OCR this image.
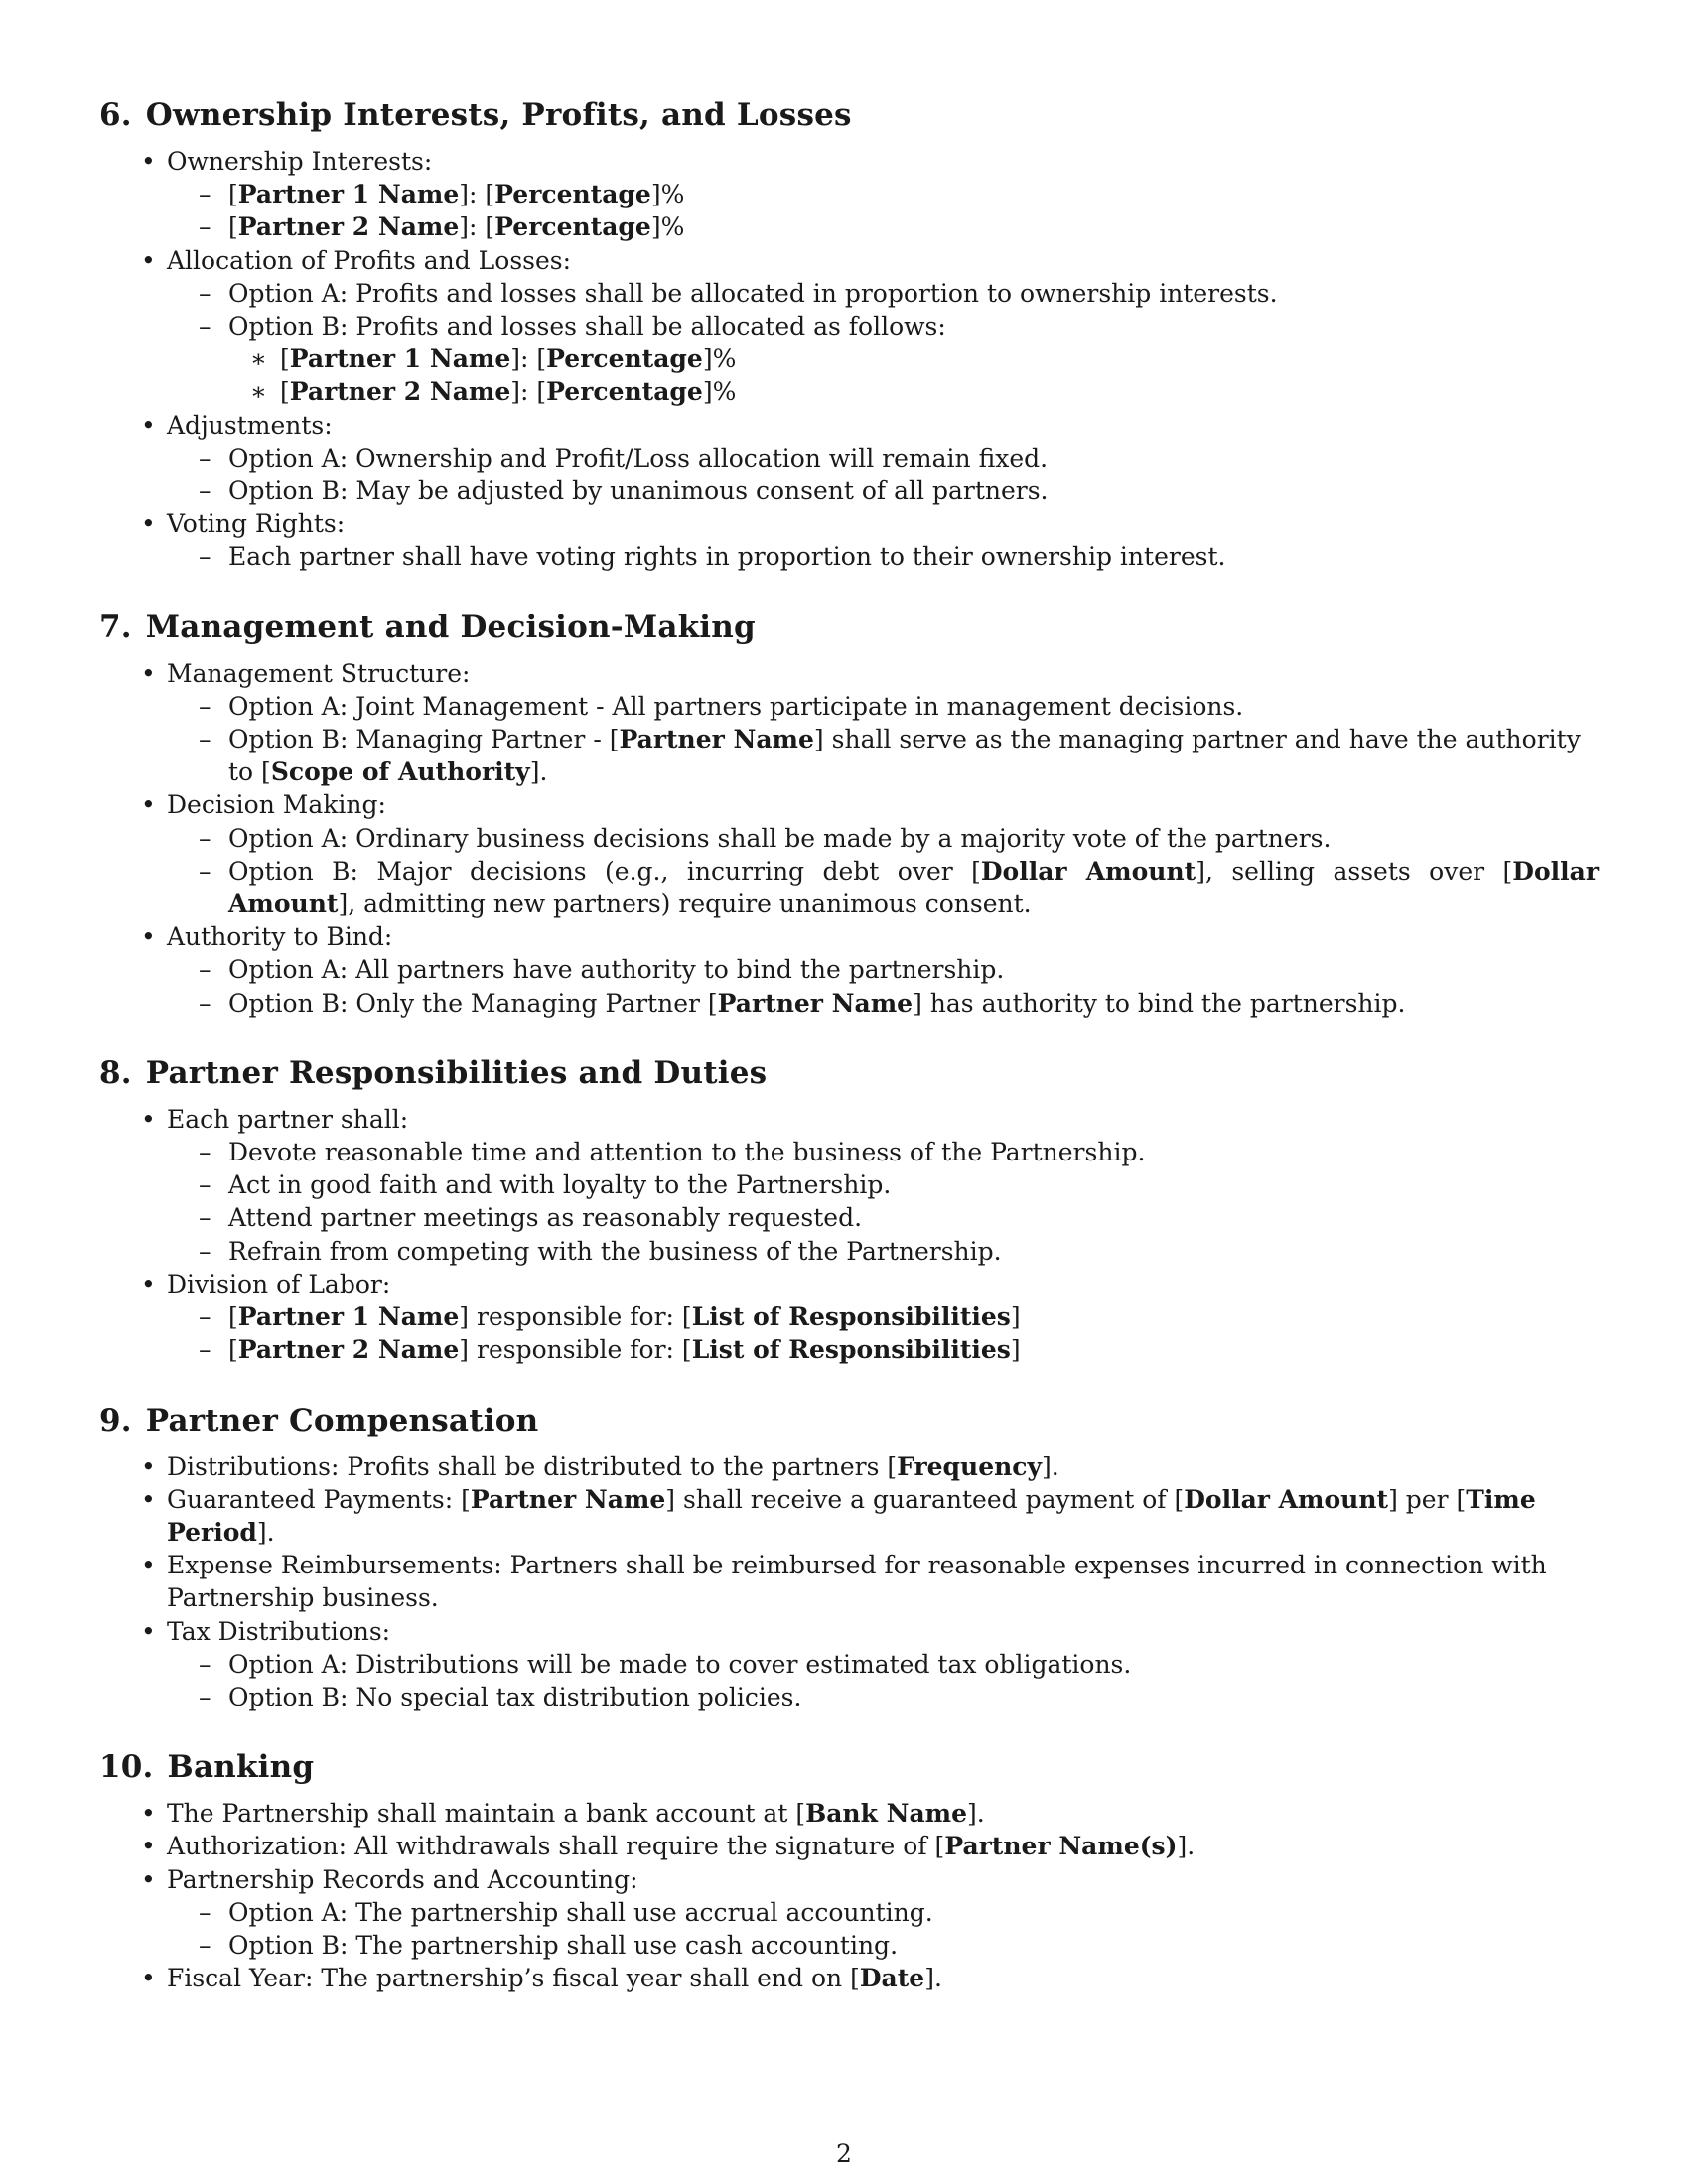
6. Ownership Interests, Profits, and Losses
• Ownership Interests:
– [Partner 1 Name]: [Percentage]%
– [Partner 2 Name]: [Percentage]%
• Allocation of Profits and Losses:
– Option A: Profits and losses shall be allocated in proportion to ownership interests.
– Option B: Profits and losses shall be allocated as follows:
∗ [Partner 1 Name]: [Percentage]%
∗ [Partner 2 Name]: [Percentage]%
• Adjustments:
– Option A: Ownership and Profit/Loss allocation will remain fixed.
– Option B: May be adjusted by unanimous consent of all partners.
• Voting Rights:
– Each partner shall have voting rights in proportion to their ownership interest.
7. Management and Decision-Making
• Management Structure:
– Option A: Joint Management - All partners participate in management decisions.
– Option B: Managing Partner - [Partner Name] shall serve as the managing partner and have the authority to [Scope of Authority].
• Decision Making:
– Option A: Ordinary business decisions shall be made by a majority vote of the partners.
– Option B: Major decisions (e.g., incurring debt over [Dollar Amount], selling assets over [Dollar Amount], admitting new partners) require unanimous consent.
• Authority to Bind:
– Option A: All partners have authority to bind the partnership.
– Option B: Only the Managing Partner [Partner Name] has authority to bind the partnership.
8. Partner Responsibilities and Duties
• Each partner shall:
– Devote reasonable time and attention to the business of the Partnership.
– Act in good faith and with loyalty to the Partnership.
– Attend partner meetings as reasonably requested.
– Refrain from competing with the business of the Partnership.
• Division of Labor:
– [Partner 1 Name] responsible for: [List of Responsibilities]
– [Partner 2 Name] responsible for: [List of Responsibilities]
9. Partner Compensation
• Distributions: Profits shall be distributed to the partners [Frequency].
• Guaranteed Payments: [Partner Name] shall receive a guaranteed payment of [Dollar Amount] per [Time Period].
• Expense Reimbursements: Partners shall be reimbursed for reasonable expenses incurred in connection with Partnership business.
• Tax Distributions:
– Option A: Distributions will be made to cover estimated tax obligations.
– Option B: No special tax distribution policies.
10. Banking
• The Partnership shall maintain a bank account at [Bank Name].
• Authorization: All withdrawals shall require the signature of [Partner Name(s)].
• Partnership Records and Accounting:
– Option A: The partnership shall use accrual accounting.
– Option B: The partnership shall use cash accounting.
• Fiscal Year: The partnership’s fiscal year shall end on [Date].
2
